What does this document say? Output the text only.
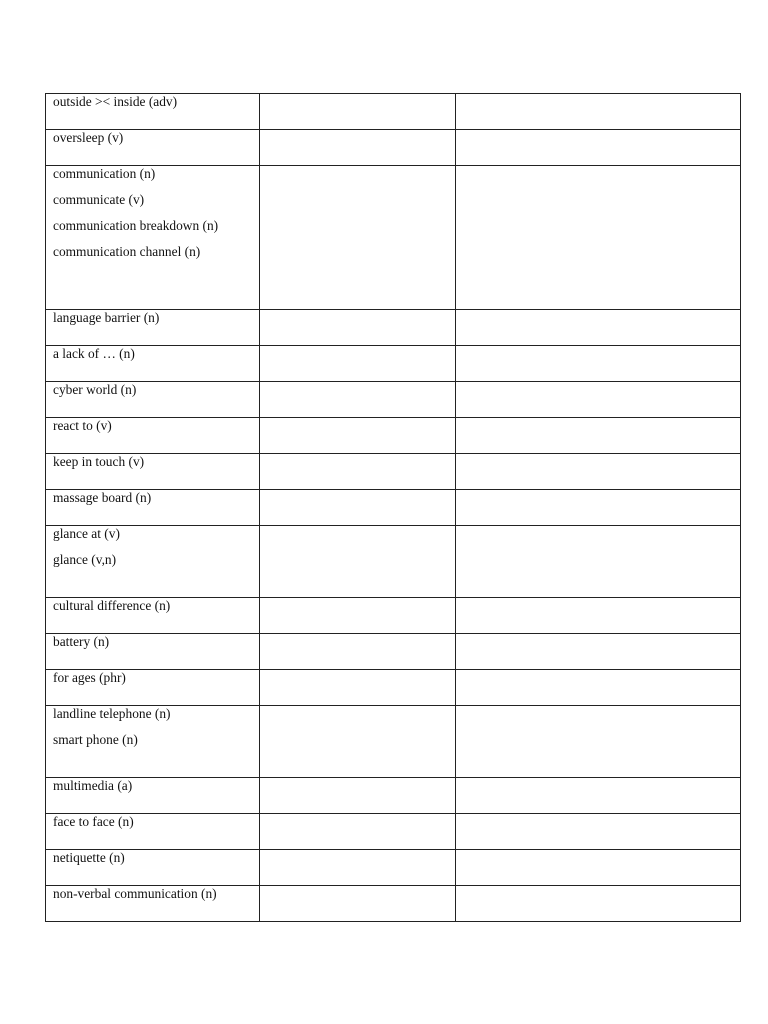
outside >< inside (adv)		

oversleep (v)		

communication (n)
communicate (v)
communication breakdown (n)
communication channel (n)		

language barrier (n)		

a lack of … (n)		

cyber world (n)		

react to (v)		

keep in touch (v)		

massage board (n)		

glance at (v)
glance (v,n)		

cultural difference (n)		

battery (n)		

for ages (phr)		

landline telephone (n)
smart phone (n)		

multimedia (a)		

face to face (n)		

netiquette (n)		

non-verbal communication (n)		
